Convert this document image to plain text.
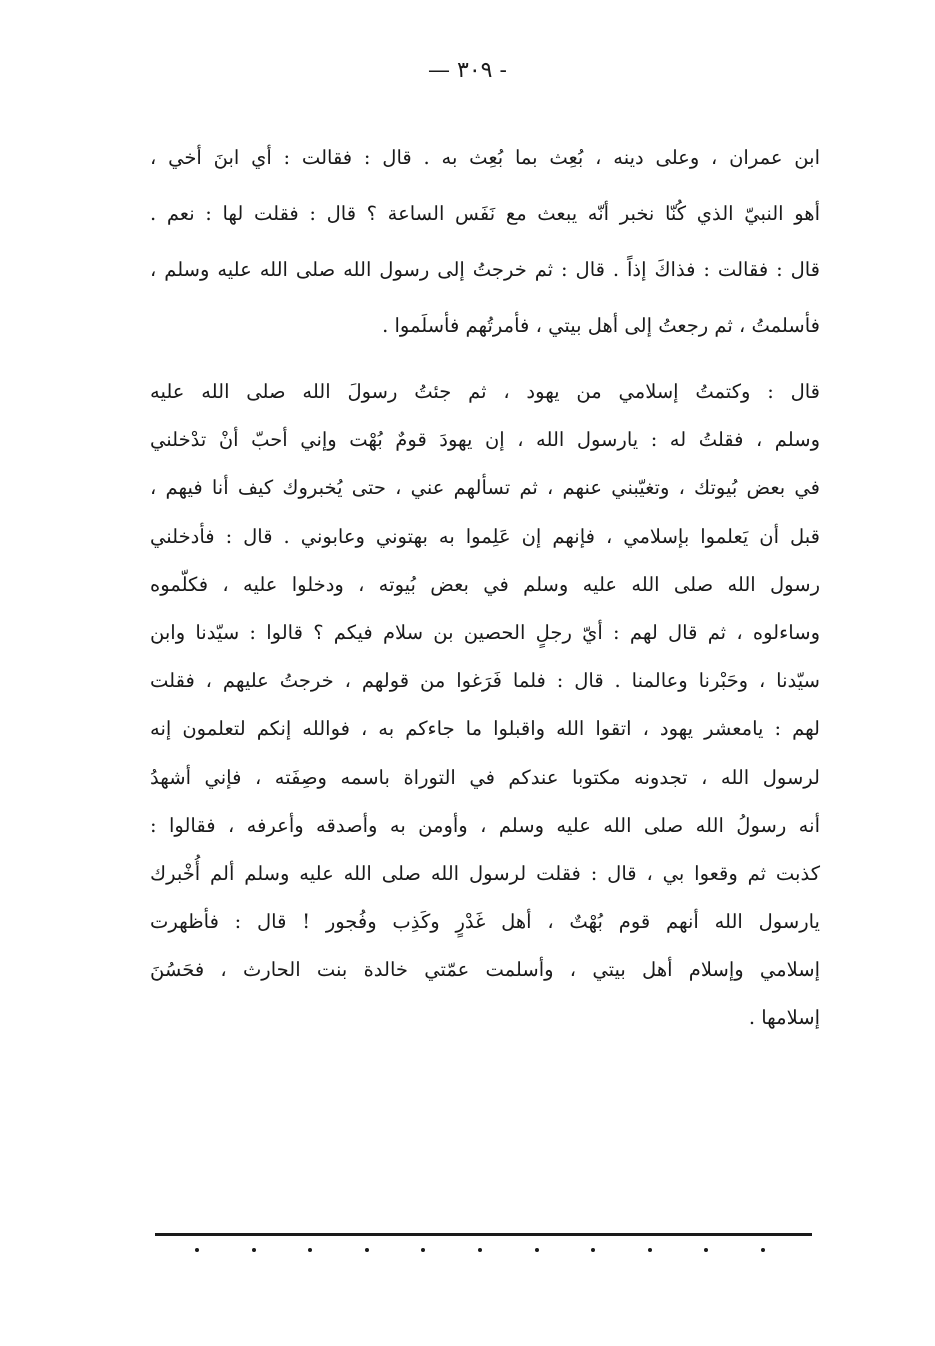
— ٣٠٩ -
ابن عمران ، وعلى دينه ، بُعِث بما بُعِث به . قال : فقالت : أي ابنَ أخي ،
أهو النبيّ الذي كُنّا نخبر أنّه يبعث مع نَفَس الساعة ؟ قال : فقلت لها : نعم .
قال : فقالت : فذاكَ إذاً . قال : ثم خرجتُ إلى رسول الله صلى الله عليه وسلم ،
فأسلمتُ ، ثم رجعتُ إلى أهل بيتي ، فأمرتُهم فأسلَموا .
قال : وكتمتُ إسلامي من يهود ، ثم جئتُ رسولَ الله صلى الله عليه
وسلم ، فقلتُ له : يارسول الله ، إن يهودَ قومٌ بُهْت وإني أحبّ أنْ تدْخلني
في بعض بُيوتك ، وتغيّبني عنهم ، ثم تسألهم عني ، حتى يُخبروك كيف أنا فيهم ،
قبل أن يَعلموا بإسلامي ، فإنهم إن عَلِموا به بهتوني وعابوني . قال : فأدخلني
رسول الله صلى الله عليه وسلم في بعض بُيوته ، ودخلوا عليه ، فكلّموه
وساءلوه ، ثم قال لهم : أيّ رجلٍ الحصين بن سلام فيكم ؟ قالوا : سيّدنا وابن
سيّدنا ، وحَبْرنا وعالمنا . قال : فلما فَرَغوا من قولهم ، خرجتُ عليهم ، فقلت
لهم : يامعشر يهود ، اتقوا الله واقبلوا ما جاءكم به ، فوالله إنكم لتعلمون إنه
لرسول الله ، تجدونه مكتوبا عندكم في التوراة باسمه وصِفَته ، فإني أشهدُ
أنه رسولُ الله صلى الله عليه وسلم ، وأومن به وأصدقه وأعرفه ، فقالوا :
كذبت ثم وقعوا بي ، قال : فقلت لرسول الله صلى الله عليه وسلم ألم أُخْبرك
يارسول الله أنهم قوم بُهْتٌ ، أهل غَدْرٍ وكَذِب وفُجور ! قال : فأظهرت
إسلامي وإسلام أهل بيتي ، وأسلمت عمّتي خالدة بنت الحارث ، فحَسُنَ
إسلامها .
